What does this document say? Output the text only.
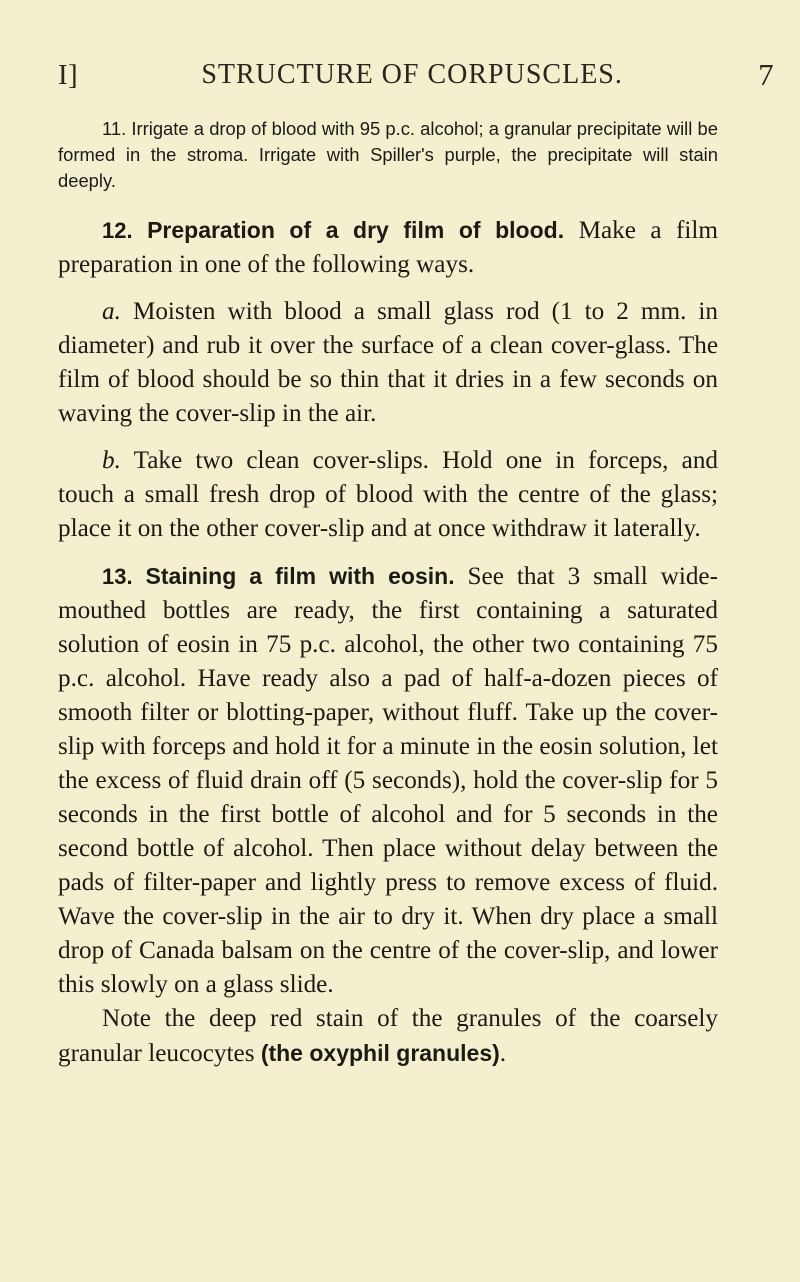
I]	STRUCTURE OF CORPUSCLES.	7

11. Irrigate a drop of blood with 95 p.c. alcohol; a granular precipitate will be formed in the stroma. Irrigate with Spiller's purple, the precipitate will stain deeply.

12. Preparation of a dry film of blood. Make a film preparation in one of the following ways.

a. Moisten with blood a small glass rod (1 to 2 mm. in diameter) and rub it over the surface of a clean cover-glass. The film of blood should be so thin that it dries in a few seconds on waving the cover-slip in the air.

b. Take two clean cover-slips. Hold one in forceps, and touch a small fresh drop of blood with the centre of the glass; place it on the other cover-slip and at once withdraw it laterally.

13. Staining a film with eosin. See that 3 small wide-mouthed bottles are ready, the first containing a saturated solution of eosin in 75 p.c. alcohol, the other two containing 75 p.c. alcohol. Have ready also a pad of half-a-dozen pieces of smooth filter or blotting-paper, without fluff. Take up the cover-slip with forceps and hold it for a minute in the eosin solution, let the excess of fluid drain off (5 seconds), hold the cover-slip for 5 seconds in the first bottle of alcohol and for 5 seconds in the second bottle of alcohol. Then place without delay between the pads of filter-paper and lightly press to remove excess of fluid. Wave the cover-slip in the air to dry it. When dry place a small drop of Canada balsam on the centre of the cover-slip, and lower this slowly on a glass slide.

Note the deep red stain of the granules of the coarsely granular leucocytes (the oxyphil granules).
